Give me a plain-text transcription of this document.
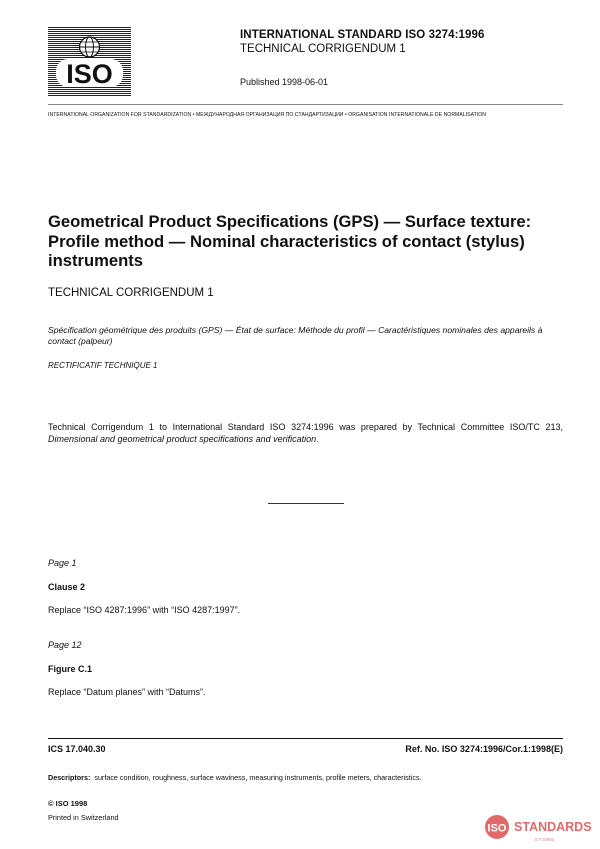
ISO
INTERNATIONAL STANDARD ISO 3274:1996
TECHNICAL CORRIGENDUM 1
Published 1998-06-01
INTERNATIONAL ORGANIZATION FOR STANDARDIZATION • МЕЖДУНАРОДНАЯ ОРГАНИЗАЦИЯ ПО СТАНДАРТИЗАЦИИ • ORGANISATION INTERNATIONALE DE NORMALISATION
Geometrical Product Specifications (GPS) — Surface texture:
Profile method — Nominal characteristics of contact (stylus)
instruments
TECHNICAL CORRIGENDUM 1
Spécification géométrique des produits (GPS) — État de surface: Méthode du profil — Caractéristiques nominales des appareils à contact (palpeur)
RECTIFICATIF TECHNIQUE 1
Technical Corrigendum 1 to International Standard ISO 3274:1996 was prepared by Technical Committee ISO/TC 213, Dimensional and geometrical product specifications and verification.
Page 1
Clause 2
Replace “ISO 4287:1996” with “ISO 4287:1997”.
Page 12
Figure C.1
Replace “Datum planes” with “Datums”.
ICS 17.040.30	Ref. No. ISO 3274:1996/Cor.1:1998(E)
Descriptors: surface condition, roughness, surface waviness, measuring instruments, profile meters, characteristics.
© ISO 1998
Printed in Switzerland
ISO STANDARDS
STORE
